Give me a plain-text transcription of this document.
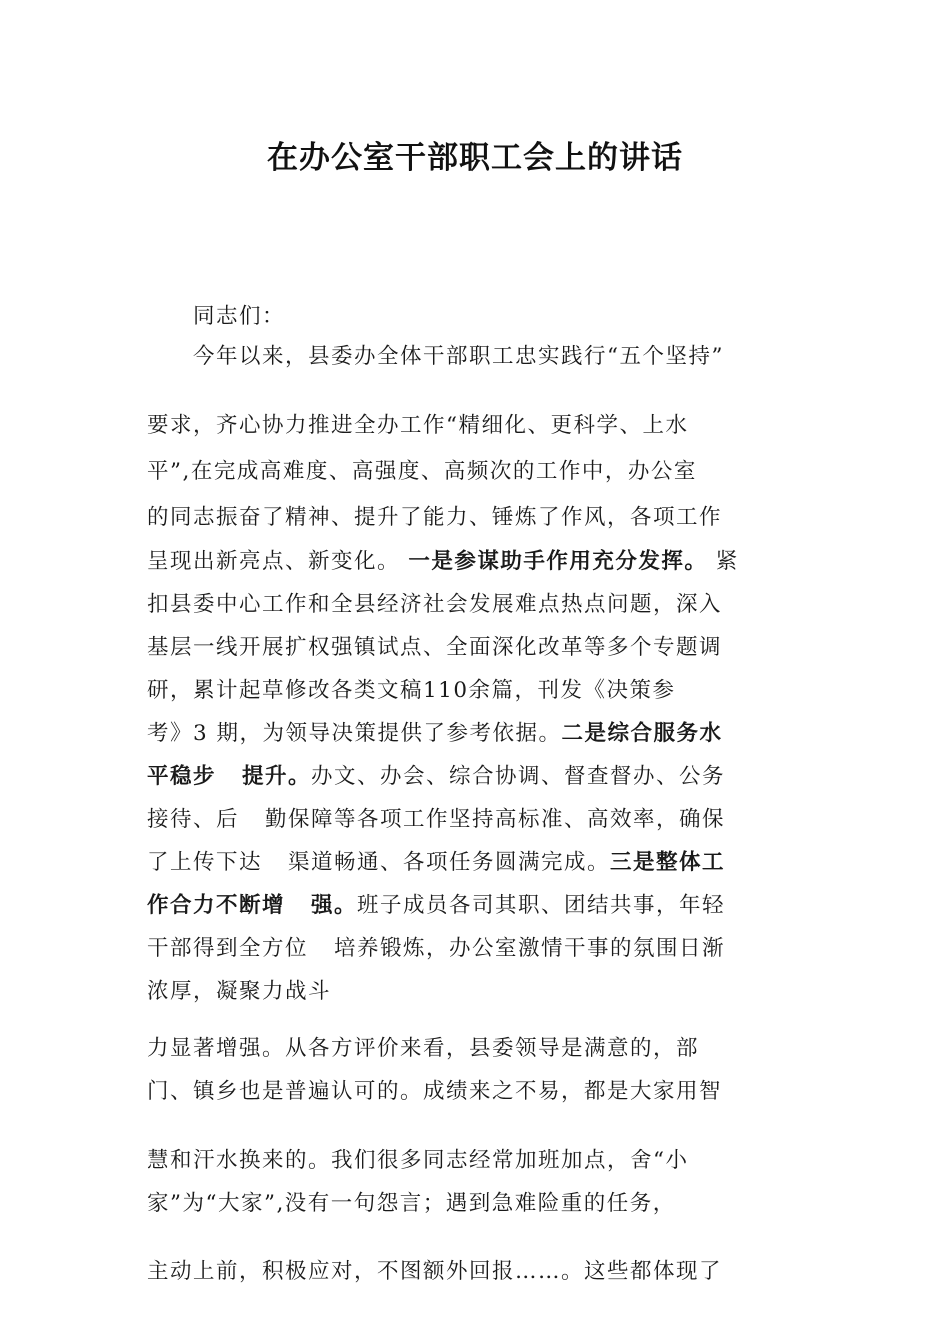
在办公室干部职工会上的讲话
同志们：
今年以来，县委办全体干部职工忠实践行“五个坚持”
要求，齐心协力推进全办工作“精细化、更科学、上水
平”,在完成高难度、高强度、高频次的工作中，办公室
的同志振奋了精神、提升了能力、锤炼了作风，各项工作
呈现出新亮点、新变化。 一是参谋助手作用充分发挥。 紧
扣县委中心工作和全县经济社会发展难点热点问题，深入
基层一线开展扩权强镇试点、全面深化改革等多个专题调
研，累计起草修改各类文稿110余篇，刊发《决策参
考》3 期，为领导决策提供了参考依据。二是综合服务水
平稳步 提升。办文、办会、综合协调、督查督办、公务
接待、后 勤保障等各项工作坚持高标准、高效率，确保
了上传下达 渠道畅通、各项任务圆满完成。三是整体工
作合力不断增 强。班子成员各司其职、团结共事，年轻
干部得到全方位 培养锻炼，办公室激情干事的氛围日渐
浓厚，凝聚力战斗
力显著增强。从各方评价来看，县委领导是满意的，部
门、镇乡也是普遍认可的。成绩来之不易，都是大家用智
慧和汗水换来的。我们很多同志经常加班加点，舍“小
家”为“大家”,没有一句怨言；遇到急难险重的任务，
主动上前，积极应对，不图额外回报……。这些都体现了
